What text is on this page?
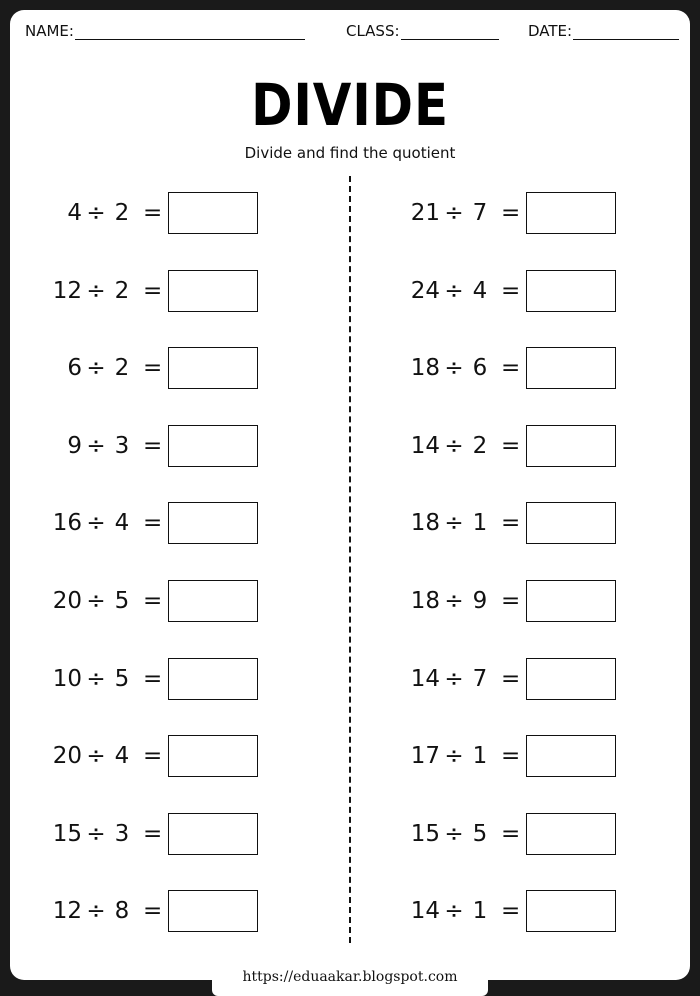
NAME:	CLASS:	DATE:
DIVIDE
Divide and find the quotient
4 ÷ 2 =
12 ÷ 2 =
6 ÷ 2 =
9 ÷ 3 =
16 ÷ 4 =
20 ÷ 5 =
10 ÷ 5 =
20 ÷ 4 =
15 ÷ 3 =
12 ÷ 8 =
21 ÷ 7 =
24 ÷ 4 =
18 ÷ 6 =
14 ÷ 2 =
18 ÷ 1 =
18 ÷ 9 =
14 ÷ 7 =
17 ÷ 1 =
15 ÷ 5 =
14 ÷ 1 =
https://eduaakar.blogspot.com
